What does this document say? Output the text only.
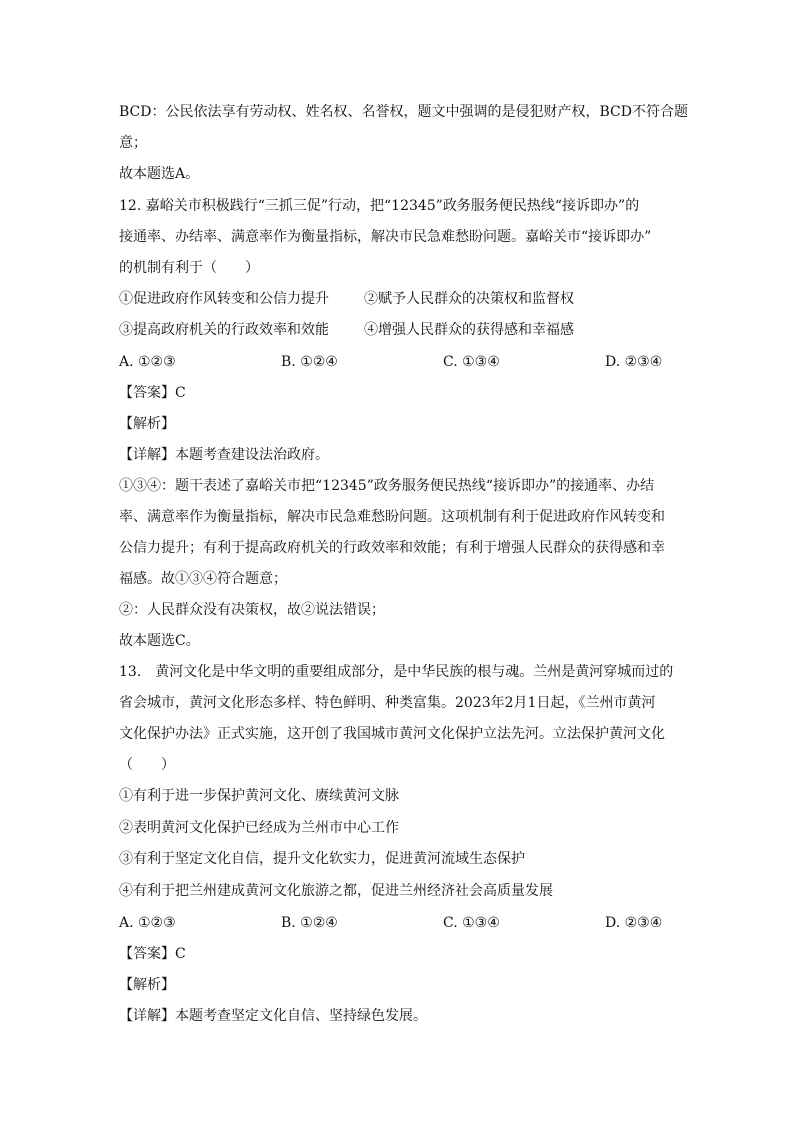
BCD：公民依法享有劳动权、姓名权、名誉权，题文中强调的是侵犯财产权，BCD不符合题
意；
故本题选A。
12. 嘉峪关市积极践行“三抓三促”行动，把“12345”政务服务便民热线“接诉即办”的
接通率、办结率、满意率作为衡量指标，解决市民急难愁盼问题。嘉峪关市“接诉即办”
的机制有利于（　　）
①促进政府作风转变和公信力提升	②赋予人民群众的决策权和监督权
③提高政府机关的行政效率和效能	④增强人民群众的获得感和幸福感
A. ①②③	B. ①②④	C. ①③④	D. ②③④
【答案】C
【解析】
【详解】本题考查建设法治政府。
①③④：题干表述了嘉峪关市把“12345”政务服务便民热线“接诉即办”的接通率、办结
率、满意率作为衡量指标，解决市民急难愁盼问题。这项机制有利于促进政府作风转变和
公信力提升；有利于提高政府机关的行政效率和效能；有利于增强人民群众的获得感和幸
福感。故①③④符合题意；
②：人民群众没有决策权，故②说法错误；
故本题选C。
13.　黄河文化是中华文明的重要组成部分，是中华民族的根与魂。兰州是黄河穿城而过的
省会城市，黄河文化形态多样、特色鲜明、种类富集。2023年2月1日起，《兰州市黄河
文化保护办法》正式实施，这开创了我国城市黄河文化保护立法先河。立法保护黄河文化
（　　）
①有利于进一步保护黄河文化、赓续黄河文脉
②表明黄河文化保护已经成为兰州市中心工作
③有利于坚定文化自信，提升文化软实力，促进黄河流域生态保护
④有利于把兰州建成黄河文化旅游之都，促进兰州经济社会高质量发展
A. ①②③	B. ①②④	C. ①③④	D. ②③④
【答案】C
【解析】
【详解】本题考查坚定文化自信、坚持绿色发展。
